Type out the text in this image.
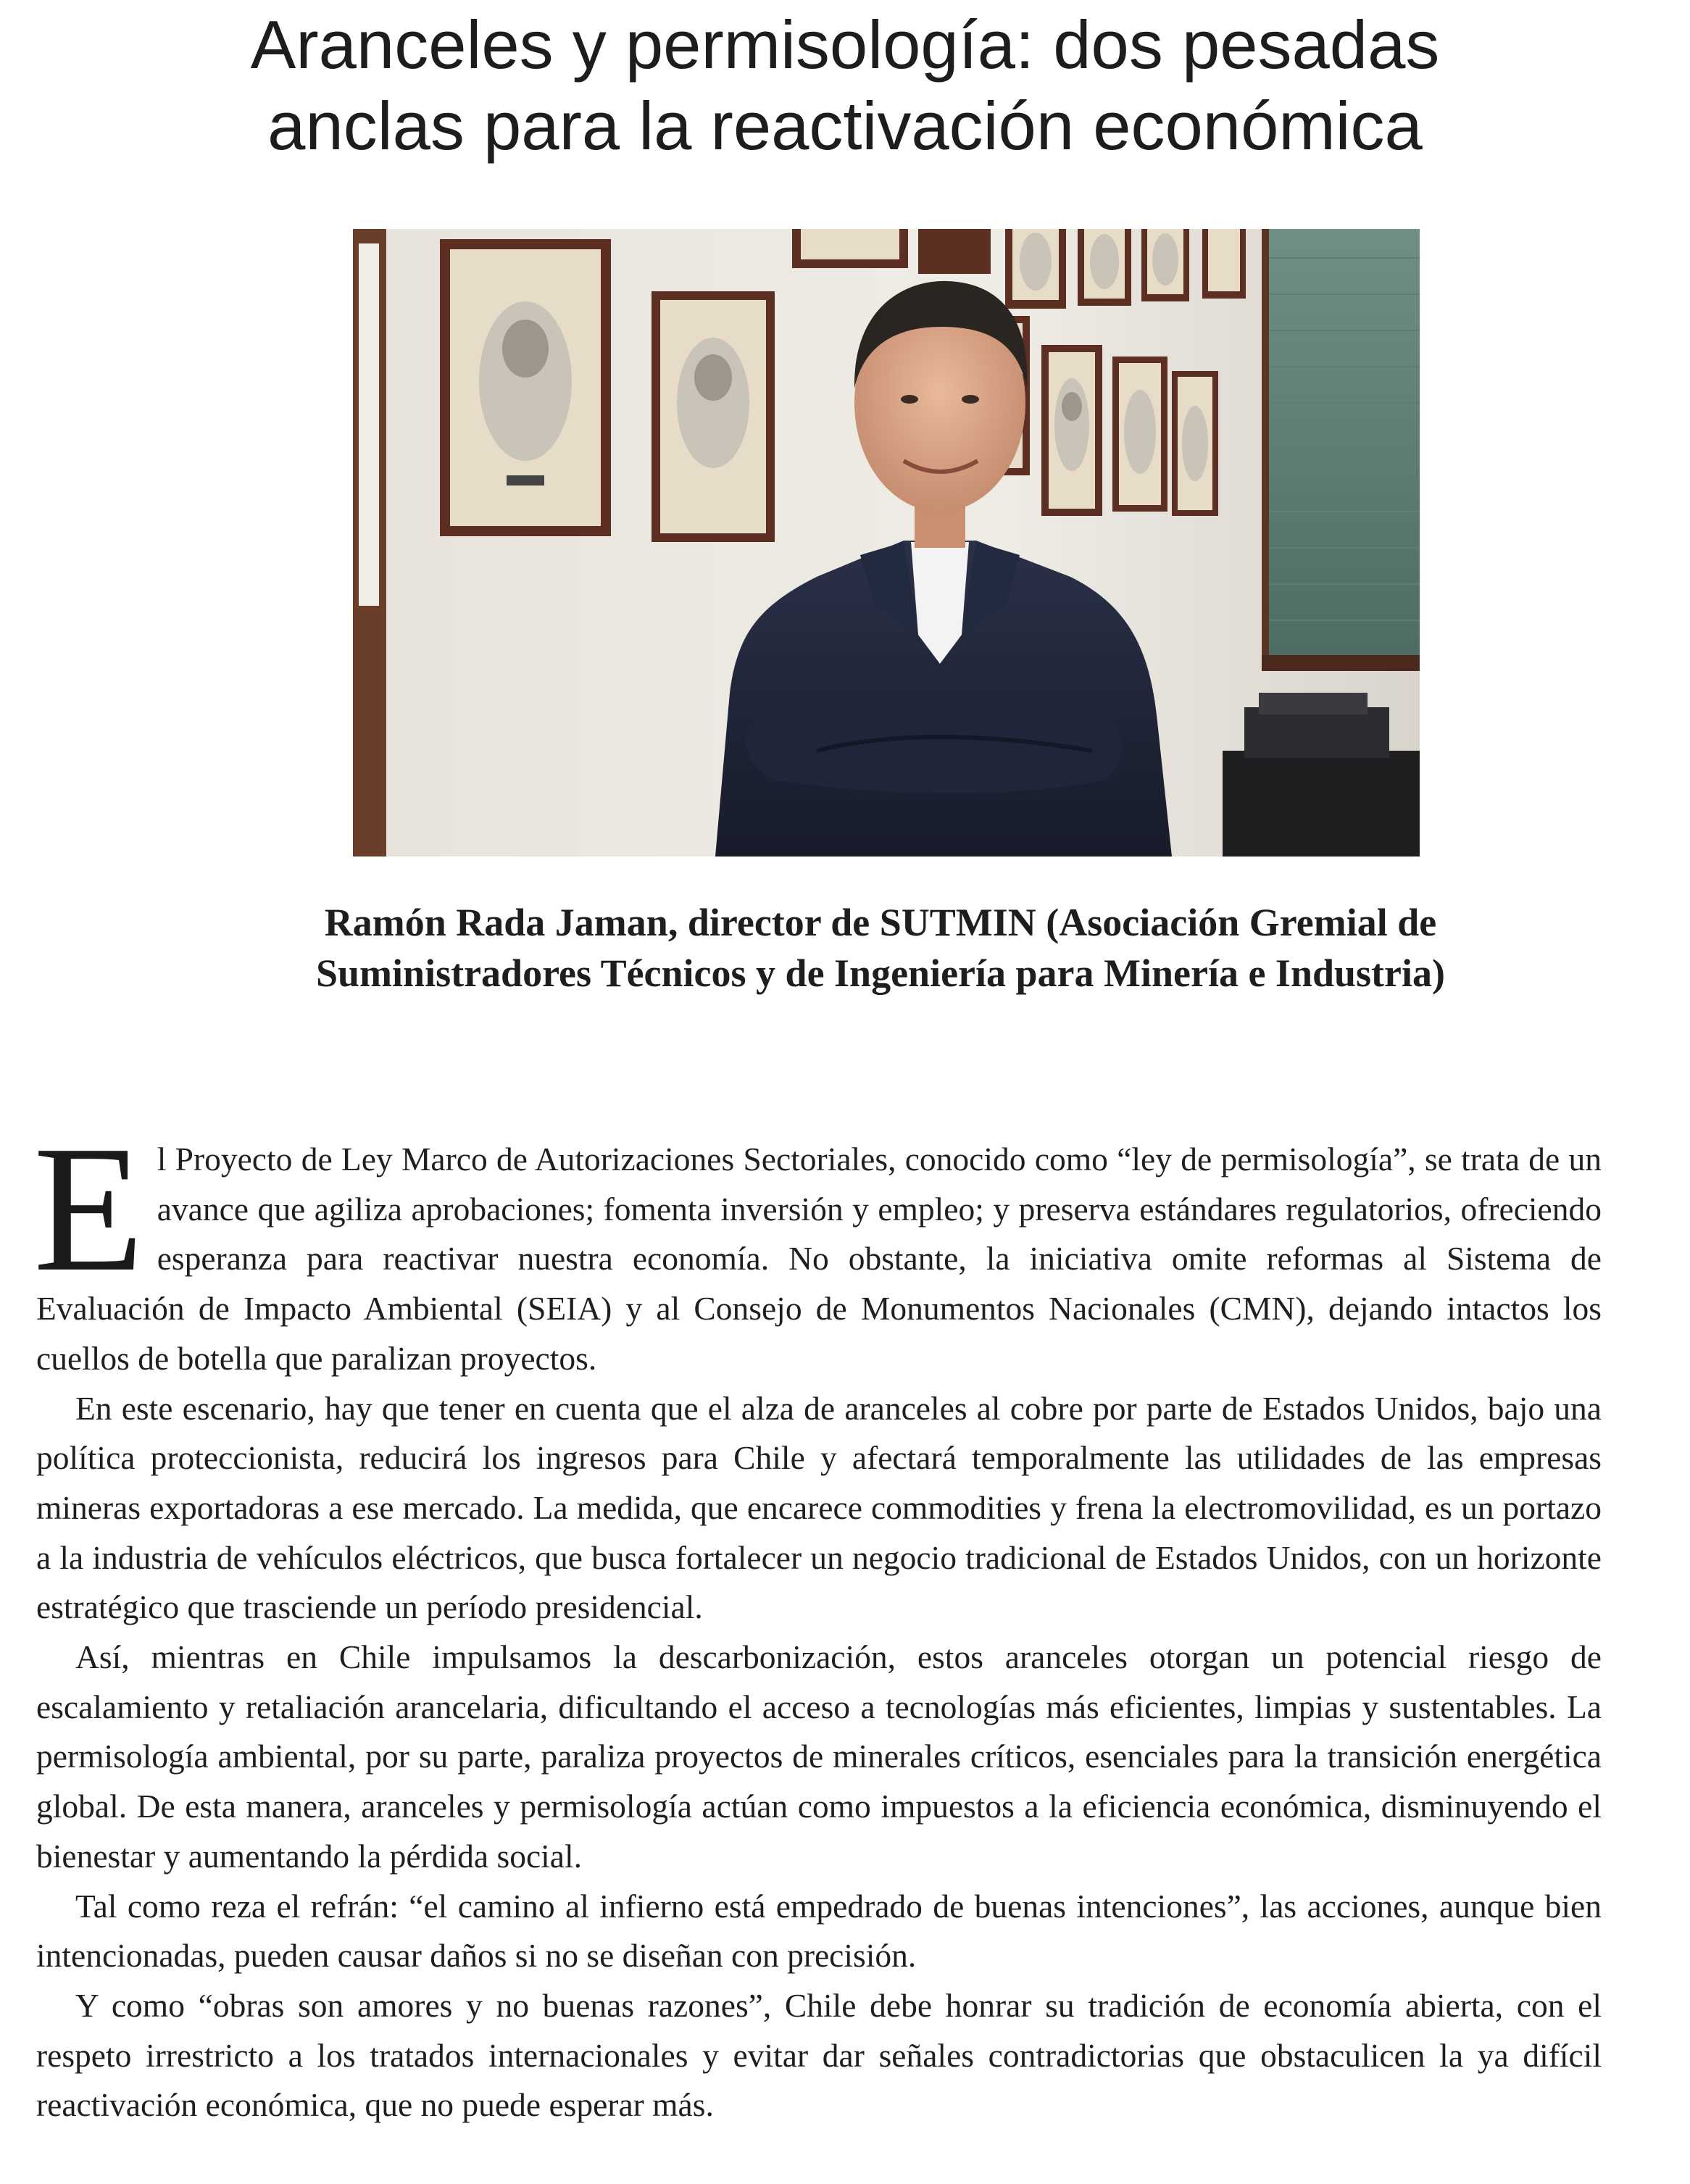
Aranceles y permisología: dos pesadas
anclas para la reactivación económica
Ramón Rada Jaman, director de SUTMIN (Asociación Gremial de
Suministradores Técnicos y de Ingeniería para Minería e Industria)
E l Proyecto de Ley Marco de Autorizaciones Sectoriales, conocido como “ley de permisología”, se trata de un avance que agiliza aprobaciones; fomenta inversión y empleo; y preserva estándares regulatorios, ofreciendo esperanza para reactivar nuestra economía. No obstante, la iniciativa omite reformas al Sistema de Evaluación de Impacto Ambiental (SEIA) y al Consejo de Monumentos Nacionales (CMN), dejando intactos los cuellos de botella que paralizan proyectos.

En este escenario, hay que tener en cuenta que el alza de aranceles al cobre por parte de Estados Unidos, bajo una política proteccionista, reducirá los ingresos para Chile y afectará temporalmente las utilidades de las empresas mineras exportadoras a ese mercado. La medida, que encarece commodities y frena la electromovilidad, es un portazo a la industria de vehículos eléctricos, que busca fortalecer un negocio tradicional de Estados Unidos, con un horizonte estratégico que trasciende un período presidencial.

Así, mientras en Chile impulsamos la descarbonización, estos aranceles otorgan un potencial riesgo de escalamiento y retaliación arancelaria, dificultando el acceso a tecnologías más eficientes, limpias y sustentables. La permisología ambiental, por su parte, paraliza proyectos de minerales críticos, esenciales para la transición energética global. De esta manera, aranceles y permisología actúan como impuestos a la eficiencia económica, disminuyendo el bienestar y aumentando la pérdida social.

Tal como reza el refrán: “el camino al infierno está empedrado de buenas intenciones”, las acciones, aunque bien intencionadas, pueden causar daños si no se diseñan con precisión.

Y como “obras son amores y no buenas razones”, Chile debe honrar su tradición de economía abierta, con el respeto irrestricto a los tratados internacionales y evitar dar señales contradictorias que obstaculicen la ya difícil reactivación económica, que no puede esperar más.
